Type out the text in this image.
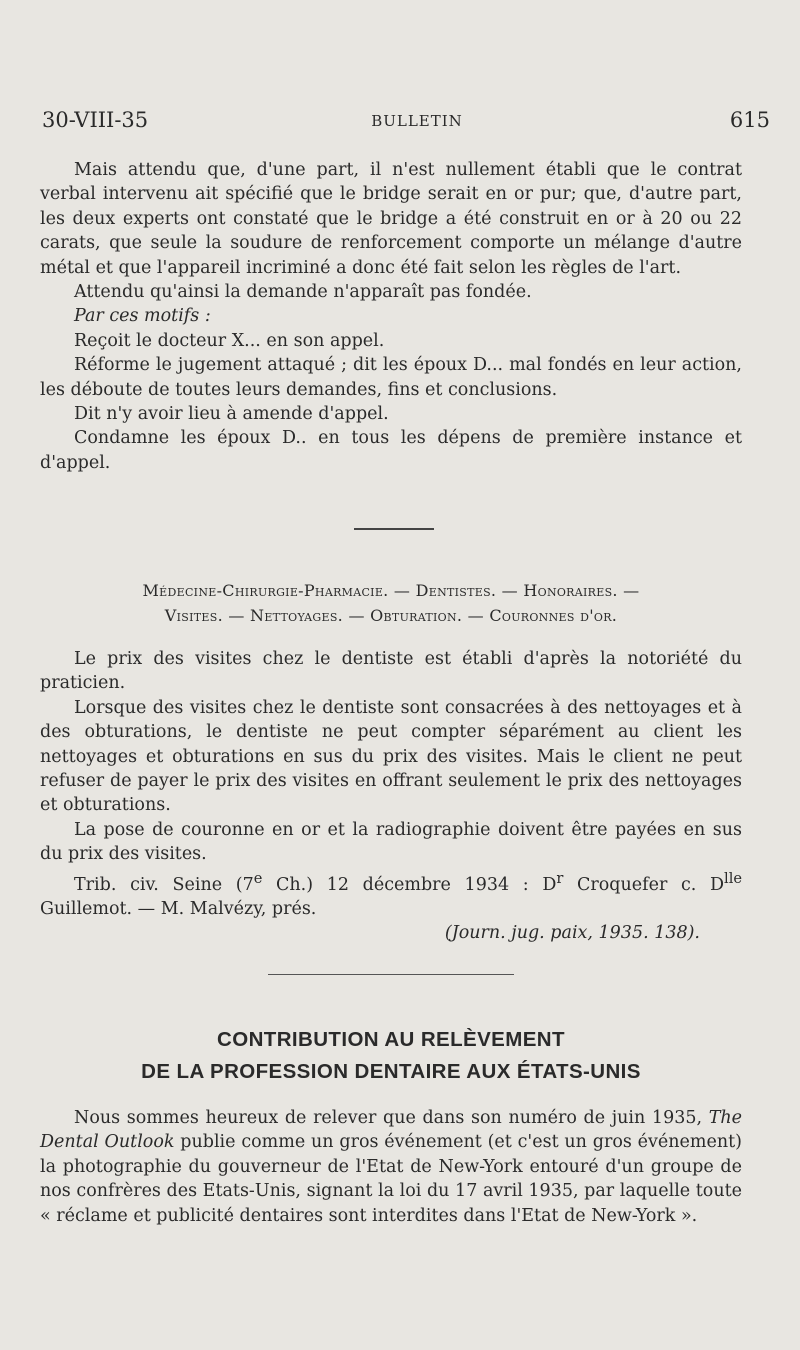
30-VIII-35	BULLETIN	615

Mais attendu que, d'une part, il n'est nullement établi que le contrat verbal intervenu ait spécifié que le bridge serait en or pur; que, d'autre part, les deux experts ont constaté que le bridge a été construit en or à 20 ou 22 carats, que seule la soudure de renforcement comporte un mélange d'autre métal et que l'appareil incriminé a donc été fait selon les règles de l'art.

Attendu qu'ainsi la demande n'apparaît pas fondée.

Par ces motifs :

Reçoit le docteur X... en son appel.

Réforme le jugement attaqué ; dit les époux D... mal fondés en leur action, les déboute de toutes leurs demandes, fins et conclusions.

Dit n'y avoir lieu à amende d'appel.

Condamne les époux D.. en tous les dépens de première instance et d'appel.

Médecine-Chirurgie-Pharmacie. — Dentistes. — Honoraires. —
Visites. — Nettoyages. — Obturation. — Couronnes d'or.

Le prix des visites chez le dentiste est établi d'après la notoriété du praticien.

Lorsque des visites chez le dentiste sont consacrées à des nettoyages et à des obturations, le dentiste ne peut compter séparément au client les nettoyages et obturations en sus du prix des visites. Mais le client ne peut refuser de payer le prix des visites en offrant seulement le prix des nettoyages et obturations.

La pose de couronne en or et la radiographie doivent être payées en sus du prix des visites.

Trib. civ. Seine (7e Ch.) 12 décembre 1934 : $D^r$ Croquefer c. $D^{lle}$ Guillemot. — M. Malvézy, prés.

(Journ. jug. paix, 1935. 138).

CONTRIBUTION AU RELÈVEMENT
DE LA PROFESSION DENTAIRE AUX ÉTATS-UNIS

Nous sommes heureux de relever que dans son numéro de juin 1935, The Dental Outlook publie comme un gros événement (et c'est un gros événement) la photographie du gouverneur de l'Etat de New-York entouré d'un groupe de nos confrères des Etats-Unis, signant la loi du 17 avril 1935, par laquelle toute « réclame et publicité dentaires sont interdites dans l'Etat de New-York ».
